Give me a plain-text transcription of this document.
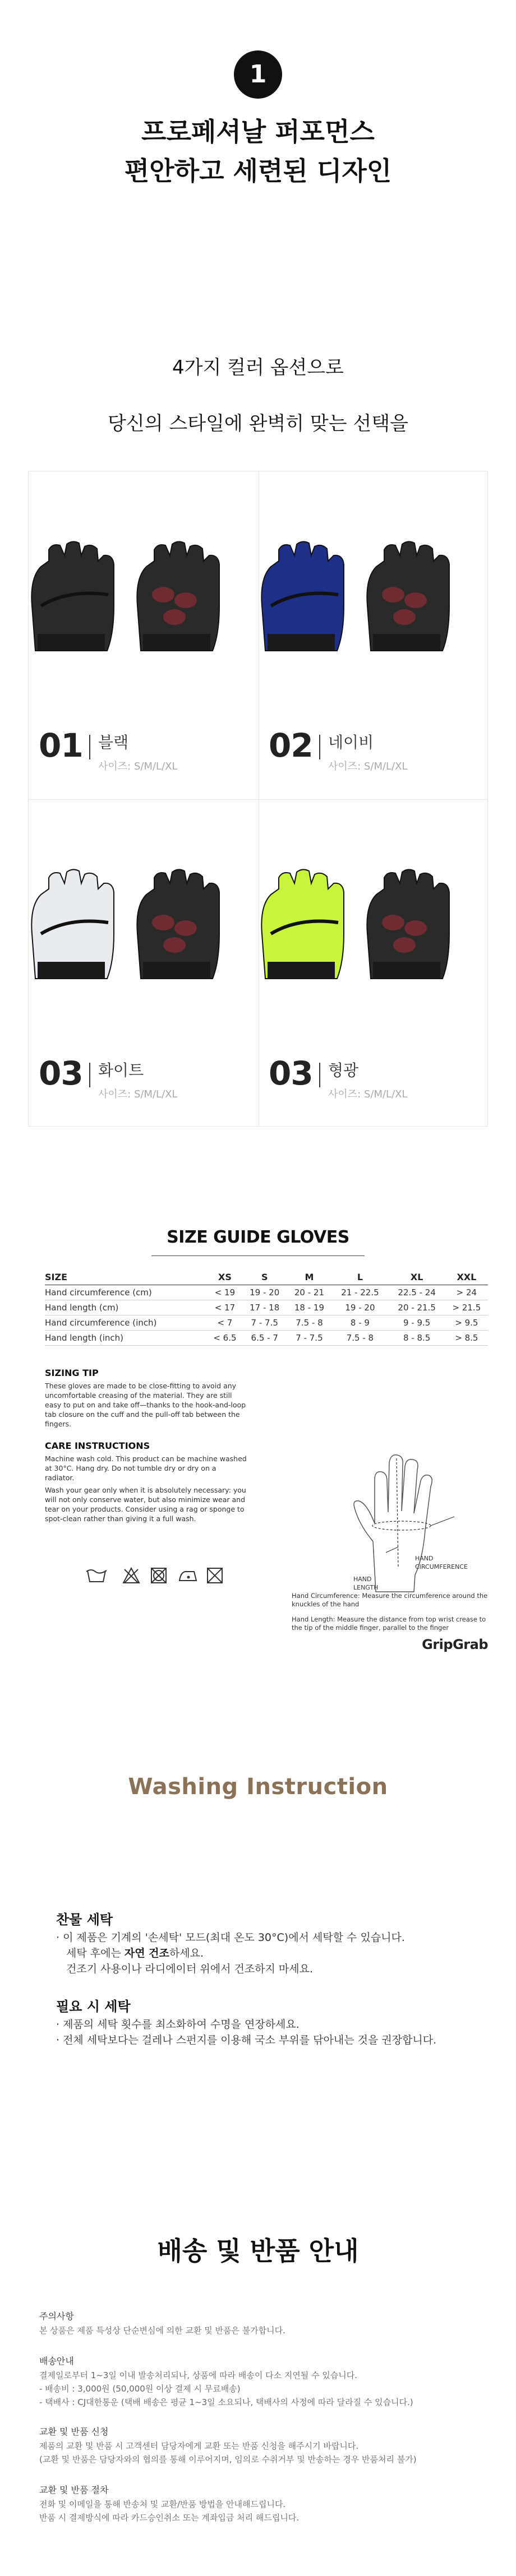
1
프로페셔날 퍼포먼스
편안하고 세련된 디자인
4가지 컬러 옵션으로
당신의 스타일에 완벽히 맞는 선택을
01 블랙
사이즈: S/M/L/XL
02 네이비
사이즈: S/M/L/XL
03 화이트
사이즈: S/M/L/XL
03 형광
사이즈: S/M/L/XL
SIZE GUIDE GLOVES
SIZE	XS	S	M	L	XL	XXL
Hand circumference (cm)	< 19	19 - 20	20 - 21	21 - 22.5	22.5 - 24	> 24
Hand length (cm)	< 17	17 - 18	18 - 19	19 - 20	20 - 21.5	> 21.5
Hand circumference (inch)	< 7	7 - 7.5	7.5 - 8	8 - 9	9 - 9.5	> 9.5
Hand length (inch)	< 6.5	6.5 - 7	7 - 7.5	7.5 - 8	8 - 8.5	> 8.5
SIZING TIP
These gloves are made to be close-fitting to avoid any uncomfortable creasing of the material. They are still easy to put on and take off—thanks to the hook-and-loop tab closure on the cuff and the pull-off tab between the fingers.
CARE INSTRUCTIONS
Machine wash cold. This product can be machine washed at 30°C. Hang dry. Do not tumble dry or dry on a radiator.
Wash your gear only when it is absolutely necessary: you will not only conserve water, but also minimize wear and tear on your products. Consider using a rag or sponge to spot-clean rather than giving it a full wash.
HAND CIRCUMFERENCE
HAND LENGTH
Hand Circumference: Measure the circumference around the knuckles of the hand
Hand Length: Measure the distance from top wrist crease to the tip of the middle finger, parallel to the finger
GripGrab
Washing Instruction
찬물 세탁
· 이 제품은 기계의 '손세탁' 모드(최대 온도 30°C)에서 세탁할 수 있습니다.
세탁 후에는 자연 건조하세요.
건조기 사용이나 라디에이터 위에서 건조하지 마세요.
필요 시 세탁
· 제품의 세탁 횟수를 최소화하여 수명을 연장하세요.
· 전체 세탁보다는 걸레나 스펀지를 이용해 국소 부위를 닦아내는 것을 권장합니다.
배송 및 반품 안내
주의사항
본 상품은 제품 특성상 단순변심에 의한 교환 및 반품은 불가합니다.
배송안내
결제일로부터 1~3일 이내 발송처리되나, 상품에 따라 배송이 다소 지연될 수 있습니다.
- 배송비 : 3,000원 (50,000원 이상 결제 시 무료배송)
- 택배사 : CJ대한통운 (택배 배송은 평균 1~3일 소요되나, 택배사의 사정에 따라 달라질 수 있습니다.)
교환 및 반품 신청
제품의 교환 및 반품 시 고객센터 담당자에게 교환 또는 반품 신청을 해주시기 바랍니다.
(교환 및 반품은 담당자와의 협의를 통해 이루어지며, 임의로 수취거부 및 반송하는 경우 반품처리 불가)
교환 및 반품 절차
전화 및 이메일을 통해 반송처 및 교환/반품 방법을 안내해드립니다.
반품 시 결제방식에 따라 카드승인취소 또는 계좌입금 처리 해드립니다.
